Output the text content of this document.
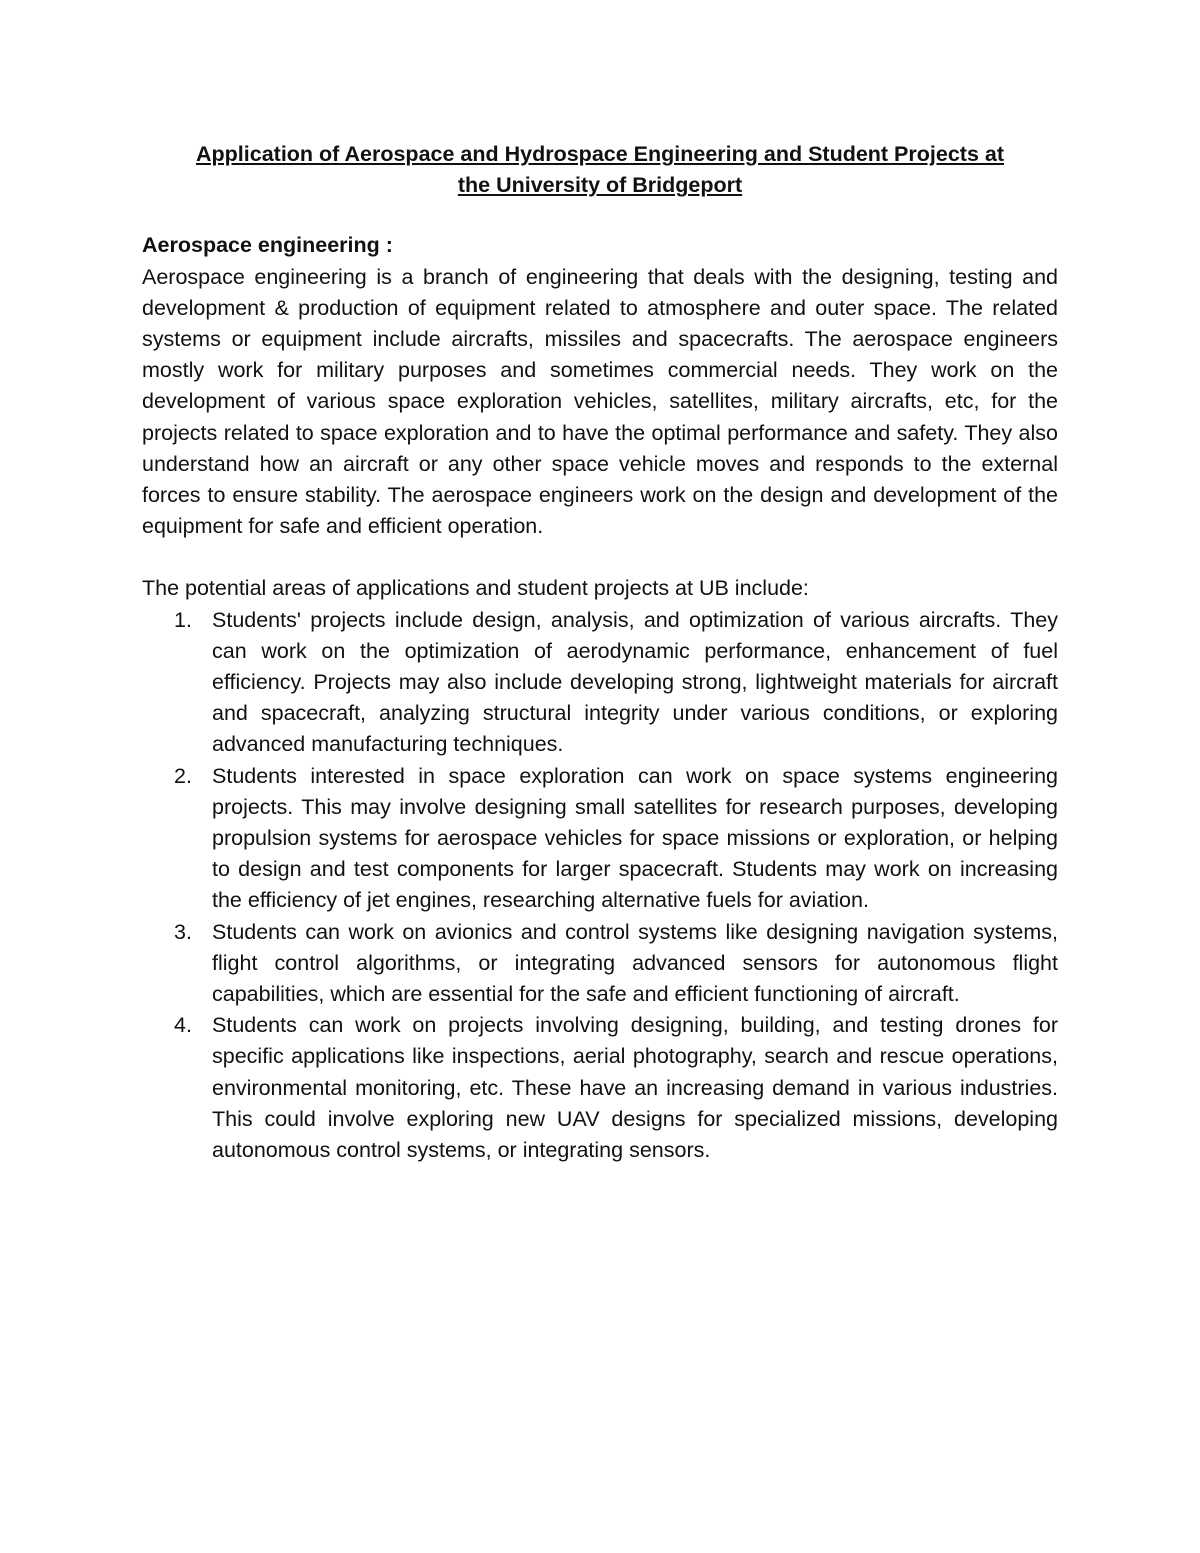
Application of Aerospace and Hydrospace Engineering and Student Projects at
the University of Bridgeport
Aerospace engineering :

Aerospace engineering is a branch of engineering that deals with the designing, testing and development & production of equipment related to atmosphere and outer space. The related systems or equipment include aircrafts, missiles and spacecrafts. The aerospace engineers mostly work for military purposes and sometimes commercial needs. They work on the development of various space exploration vehicles, satellites, military aircrafts, etc, for the projects related to space exploration and to have the optimal performance and safety. They also understand how an aircraft or any other space vehicle moves and responds to the external forces to ensure stability. The aerospace engineers work on the design and development of the equipment for safe and efficient operation.

The potential areas of applications and student projects at UB include:

1. Students' projects include design, analysis, and optimization of various aircrafts. They can work on the optimization of aerodynamic performance, enhancement of fuel efficiency. Projects may also include developing strong, lightweight materials for aircraft and spacecraft, analyzing structural integrity under various conditions, or exploring advanced manufacturing techniques.
2. Students interested in space exploration can work on space systems engineering projects. This may involve designing small satellites for research purposes, developing propulsion systems for aerospace vehicles for space missions or exploration, or helping to design and test components for larger spacecraft. Students may work on increasing the efficiency of jet engines, researching alternative fuels for aviation.
3. Students can work on avionics and control systems like designing navigation systems, flight control algorithms, or integrating advanced sensors for autonomous flight capabilities, which are essential for the safe and efficient functioning of aircraft.
4. Students can work on projects involving designing, building, and testing drones for specific applications like inspections, aerial photography, search and rescue operations, environmental monitoring, etc. These have an increasing demand in various industries. This could involve exploring new UAV designs for specialized missions, developing autonomous control systems, or integrating sensors.
